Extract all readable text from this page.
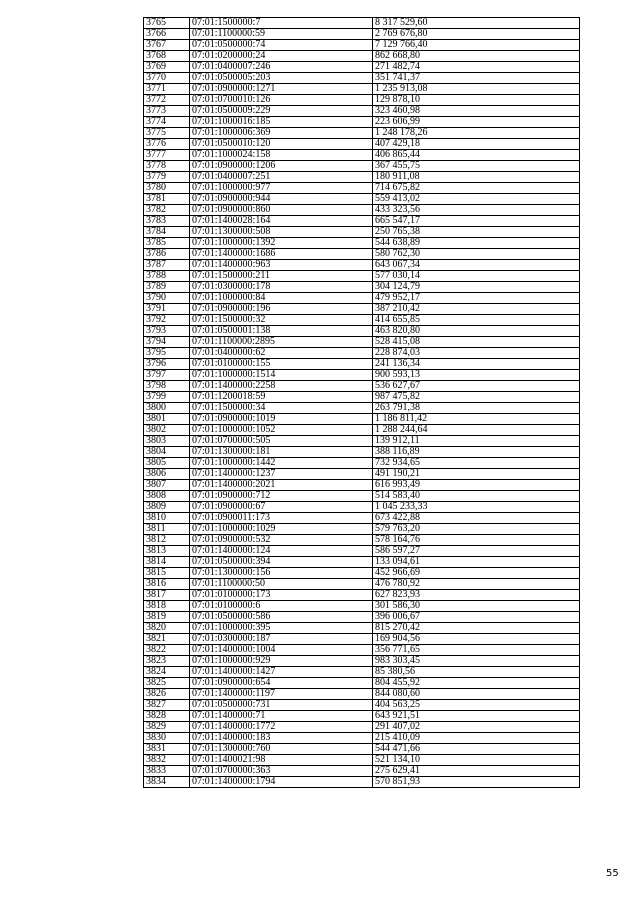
3765	07:01:1500000:7	8 317 529,60
3766	07:01:1100000:59	2 769 676,80
3767	07:01:0500000:74	7 129 766,40
3768	07:01:0200000:24	862 668,80
3769	07:01:0400007:246	271 482,74
3770	07:01:0500005:203	351 741,37
3771	07:01:0900000:1271	1 235 913,08
3772	07:01:0700010:126	129 878,10
3773	07:01:0500009:229	323 460,98
3774	07:01:1000016:185	223 606,99
3775	07:01:1000006:369	1 248 178,26
3776	07:01:0500010:120	407 429,18
3777	07:01:1000024:158	406 865,44
3778	07:01:0900000:1206	367 455,75
3779	07:01:0400007:251	180 911,08
3780	07:01:1000000:977	714 675,82
3781	07:01:0900000:944	559 413,02
3782	07:01:0900000:860	433 323,56
3783	07:01:1400028:164	665 547,17
3784	07:01:1300000:508	250 765,38
3785	07:01:1000000:1392	544 638,89
3786	07:01:1400000:1686	580 762,30
3787	07:01:1400000:963	643 067,34
3788	07:01:1500000:211	577 030,14
3789	07:01:0300000:178	304 124,79
3790	07:01:1000000:84	479 952,17
3791	07:01:0900000:196	387 210,42
3792	07:01:1500000:32	414 655,85
3793	07:01:0500001:138	463 820,80
3794	07:01:1100000:2895	528 415,08
3795	07:01:0400000:62	228 874,03
3796	07:01:0100000:155	241 136,34
3797	07:01:1000000:1514	900 593,13
3798	07:01:1400000:2258	536 627,67
3799	07:01:1200018:59	987 475,82
3800	07:01:1500000:34	263 791,38
3801	07:01:0900000:1019	1 186 811,42
3802	07:01:1000000:1052	1 288 244,64
3803	07:01:0700000:505	139 912,11
3804	07:01:1300000:181	388 116,89
3805	07:01:1000000:1442	732 934,65
3806	07:01:1400000:1237	491 190,21
3807	07:01:1400000:2021	616 993,49
3808	07:01:0900000:712	514 583,40
3809	07:01:0900000:67	1 045 233,33
3810	07:01:0900011:173	673 422,88
3811	07:01:1000000:1029	579 763,20
3812	07:01:0900000:532	578 164,76
3813	07:01:1400000:124	586 597,27
3814	07:01:0500000:394	133 094,61
3815	07:01:1300000:156	452 966,69
3816	07:01:1100000:50	476 780,92
3817	07:01:0100000:173	627 823,93
3818	07:01:0100000:6	301 586,30
3819	07:01:0500000:586	396 006,67
3820	07:01:1000000:395	815 270,42
3821	07:01:0300000:187	169 904,56
3822	07:01:1400000:1004	356 771,65
3823	07:01:1000000:929	983 303,45
3824	07:01:1400000:1427	85 380,56
3825	07:01:0900000:654	804 455,92
3826	07:01:1400000:1197	844 080,60
3827	07:01:0500000:731	404 563,25
3828	07:01:1400000:71	643 921,51
3829	07:01:1400000:1772	291 407,02
3830	07:01:1400000:183	215 410,09
3831	07:01:1300000:760	544 471,66
3832	07:01:1400021:98	521 134,10
3833	07:01:0700000:363	275 629,41
3834	07:01:1400000:1794	570 851,93
55
